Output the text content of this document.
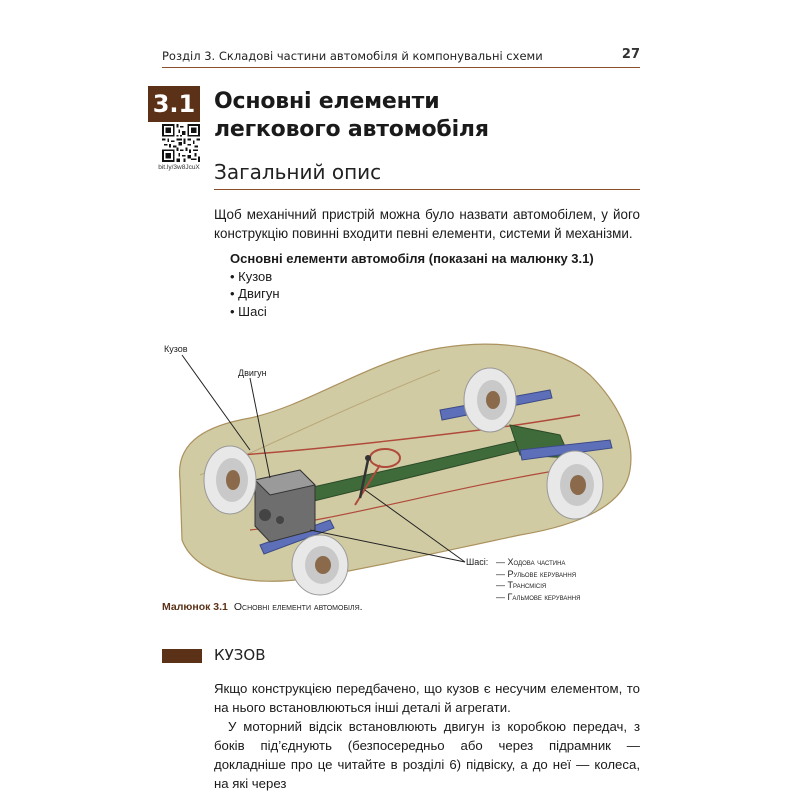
Розділ 3. Складові частини автомобіля й компонувальні схеми	27
3.1 Основні елементи
легкового автомобіля
bit.ly/3w8JcuX Загальний опис
Щоб механічний пристрій можна було назвати автомобілем, у його конструкцію повинні входити певні елементи, системи й механізми.
Основні елементи автомобіля (показані на малюнку 3.1)
• Кузов
• Двигун
• Шасі
Кузов
Двигун
Шасі:
—	Ходова частина
— Рульове керування
— Трансмісія
— Гальмове керування
Малюнок 3.1 Основні елементи автомобіля.
КУЗОВ

Якщо конструкцією передбачено, що кузов є несучим елементом, то на нього встановлюються інші деталі й агрегати.

У моторний відсік встановлюють двигун із коробкою передач, з боків під’єднують (безпосередньо або через підрамник — докладніше про це читайте в розділі 6) підвіску, а до неї — колеса, на які через
